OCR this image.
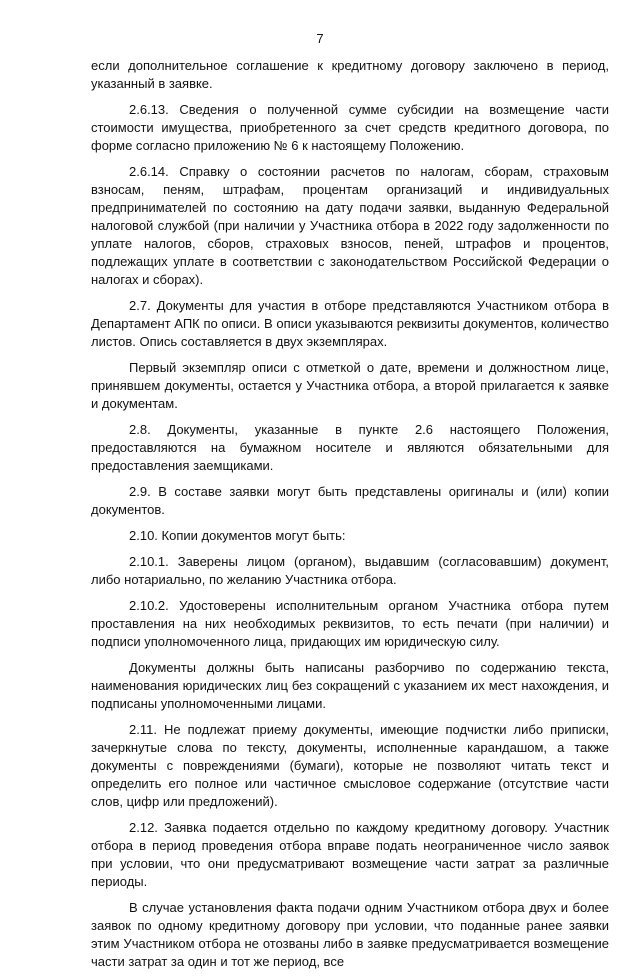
7

если дополнительное соглашение к кредитному договору заключено в период, указанный в заявке.

2.6.13. Сведения о полученной сумме субсидии на возмещение части стоимости имущества, приобретенного за счет средств кредитного договора, по форме согласно приложению № 6 к настоящему Положению.

2.6.14. Справку о состоянии расчетов по налогам, сборам, страховым взносам, пеням, штрафам, процентам организаций и индивидуальных предпринимателей по состоянию на дату подачи заявки, выданную Федеральной налоговой службой (при наличии у Участника отбора в 2022 году задолженности по уплате налогов, сборов, страховых взносов, пеней, штрафов и процентов, подлежащих уплате в соответствии с законодательством Российской Федерации о налогах и сборах).

2.7. Документы для участия в отборе представляются Участником отбора в Департамент АПК по описи. В описи указываются реквизиты документов, количество листов. Опись составляется в двух экземплярах.

Первый экземпляр описи с отметкой о дате, времени и должностном лице, принявшем документы, остается у Участника отбора, а второй прилагается к заявке и документам.

2.8. Документы, указанные в пункте 2.6 настоящего Положения, предоставляются на бумажном носителе и являются обязательными для предоставления заемщиками.

2.9. В составе заявки могут быть представлены оригиналы и (или) копии документов.

2.10. Копии документов могут быть:

2.10.1. Заверены лицом (органом), выдавшим (согласовавшим) документ, либо нотариально, по желанию Участника отбора.

2.10.2. Удостоверены исполнительным органом Участника отбора путем проставления на них необходимых реквизитов, то есть печати (при наличии) и подписи уполномоченного лица, придающих им юридическую силу.

Документы должны быть написаны разборчиво по содержанию текста, наименования юридических лиц без сокращений с указанием их мест нахождения, и подписаны уполномоченными лицами.

2.11. Не подлежат приему документы, имеющие подчистки либо приписки, зачеркнутые слова по тексту, документы, исполненные карандашом, а также документы с повреждениями (бумаги), которые не позволяют читать текст и определить его полное или частичное смысловое содержание (отсутствие части слов, цифр или предложений).

2.12. Заявка подается отдельно по каждому кредитному договору. Участник отбора в период проведения отбора вправе подать неограниченное число заявок при условии, что они предусматривают возмещение части затрат за различные периоды.

В случае установления факта подачи одним Участником отбора двух и более заявок по одному кредитному договору при условии, что поданные ранее заявки этим Участником отбора не отозваны либо в заявке предусматривается возмещение части затрат за один и тот же период, все
